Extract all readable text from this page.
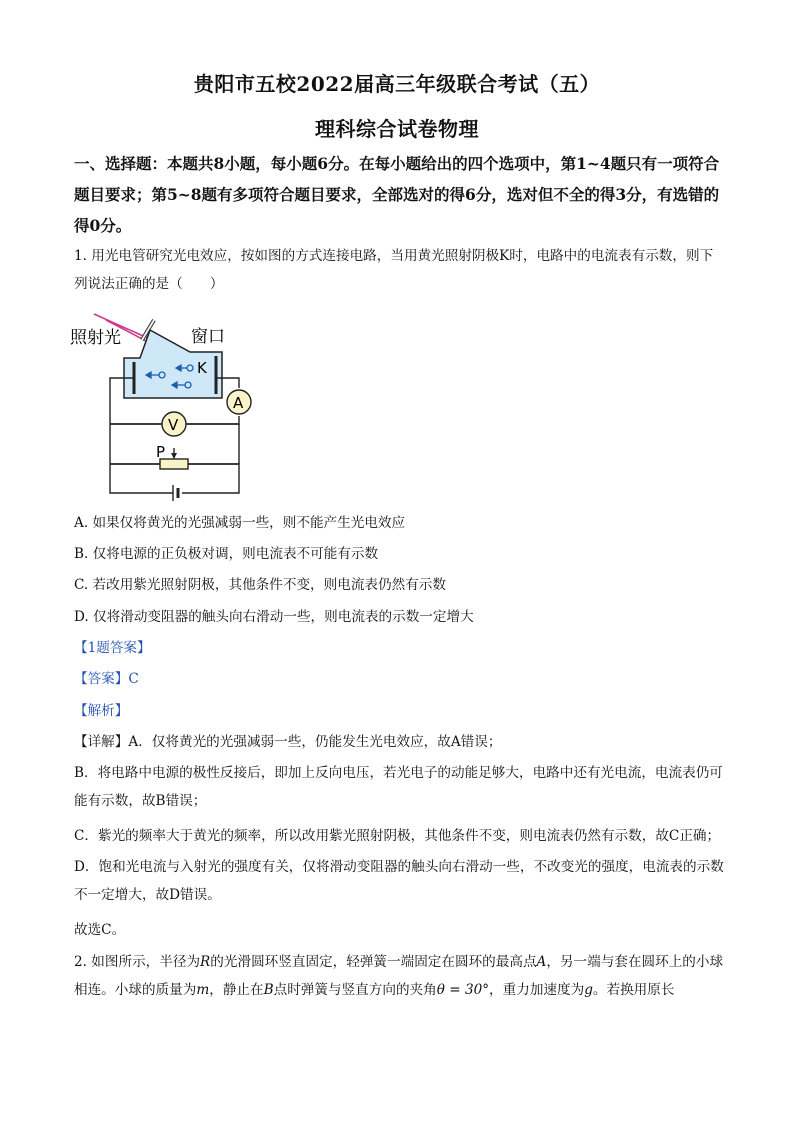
贵阳市五校2022届高三年级联合考试（五）
理科综合试卷物理
一、选择题：本题共8小题，每小题6分。在每小题给出的四个选项中，第1~4题只有一项符合题目要求；第5~8题有多项符合题目要求，全部选对的得6分，选对但不全的得3分，有选错的得0分。
1. 用光电管研究光电效应，按如图的方式连接电路，当用黄光照射阴极K时，电路中的电流表有示数，则下列说法正确的是（　　）
K
照射光	窗口
A
V
P
A. 如果仅将黄光的光强减弱一些，则不能产生光电效应
B. 仅将电源的正负极对调，则电流表不可能有示数
C. 若改用紫光照射阴极，其他条件不变，则电流表仍然有示数
D. 仅将滑动变阻器的触头向右滑动一些，则电流表的示数一定增大
【1题答案】
【答案】C
【解析】
【详解】A．仅将黄光的光强减弱一些，仍能发生光电效应，故A错误；
B．将电路中电源的极性反接后，即加上反向电压，若光电子的动能足够大，电路中还有光电流，电流表仍可能有示数，故B错误；
C．紫光的频率大于黄光的频率，所以改用紫光照射阴极，其他条件不变，则电流表仍然有示数，故C正确；
D．饱和光电流与入射光的强度有关，仅将滑动变阻器的触头向右滑动一些，不改变光的强度，电流表的示数不一定增大，故D错误。
故选C。
2. 如图所示，半径为R的光滑圆环竖直固定，轻弹簧一端固定在圆环的最高点A，另一端与套在圆环上的小球相连。小球的质量为m，静止在B点时弹簧与竖直方向的夹角θ = 30°，重力加速度为g。若换用原长
